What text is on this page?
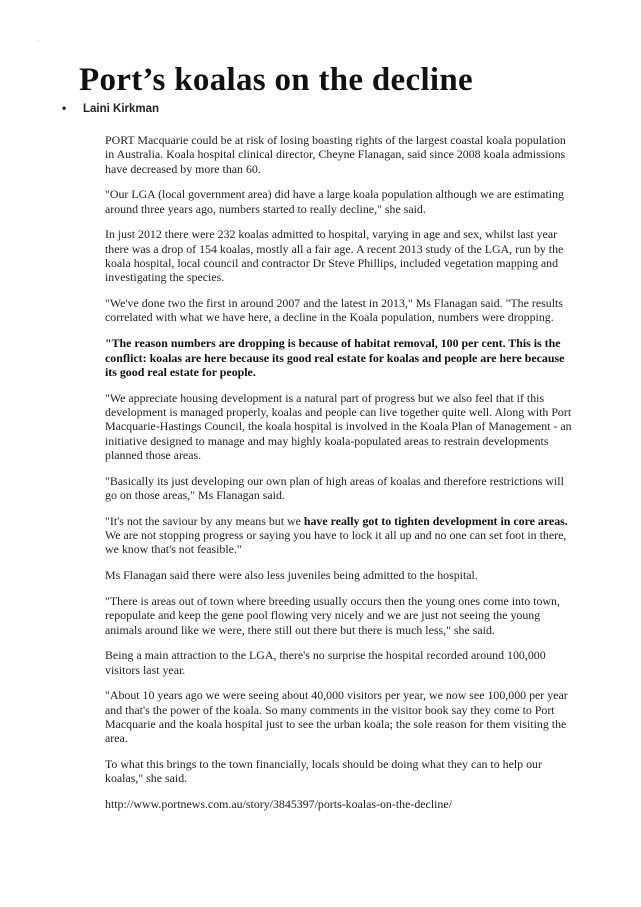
Port’s koalas on the decline
• Laini Kirkman

PORT Macquarie could be at risk of losing boasting rights of the largest coastal koala population in Australia. Koala hospital clinical director, Cheyne Flanagan, said since 2008 koala admissions have decreased by more than 60.

"Our LGA (local government area) did have a large koala population although we are estimating around three years ago, numbers started to really decline," she said.

In just 2012 there were 232 koalas admitted to hospital, varying in age and sex, whilst last year there was a drop of 154 koalas, mostly all a fair age. A recent 2013 study of the LGA, run by the koala hospital, local council and contractor Dr Steve Phillips, included vegetation mapping and investigating the species.

"We've done two the first in around 2007 and the latest in 2013," Ms Flanagan said. "The results correlated with what we have here, a decline in the Koala population, numbers were dropping.

"The reason numbers are dropping is because of habitat removal, 100 per cent. This is the conflict: koalas are here because its good real estate for koalas and people are here because its good real estate for people.

"We appreciate housing development is a natural part of progress but we also feel that if this development is managed properly, koalas and people can live together quite well. Along with Port Macquarie-Hastings Council, the koala hospital is involved in the Koala Plan of Management - an initiative designed to manage and may highly koala-populated areas to restrain developments planned those areas.

"Basically its just developing our own plan of high areas of koalas and therefore restrictions will go on those areas," Ms Flanagan said.

"It's not the saviour by any means but we have really got to tighten development in core areas. We are not stopping progress or saying you have to lock it all up and no one can set foot in there, we know that's not feasible."

Ms Flanagan said there were also less juveniles being admitted to the hospital.

"There is areas out of town where breeding usually occurs then the young ones come into town, repopulate and keep the gene pool flowing very nicely and we are just not seeing the young animals around like we were, there still out there but there is much less," she said.

Being a main attraction to the LGA, there's no surprise the hospital recorded around 100,000 visitors last year.

"About 10 years ago we were seeing about 40,000 visitors per year, we now see 100,000 per year and that's the power of the koala. So many comments in the visitor book say they come to Port Macquarie and the koala hospital just to see the urban koala; the sole reason for them visiting the area.

To what this brings to the town financially, locals should be doing what they can to help our koalas," she said.

http://www.portnews.com.au/story/3845397/ports-koalas-on-the-decline/
